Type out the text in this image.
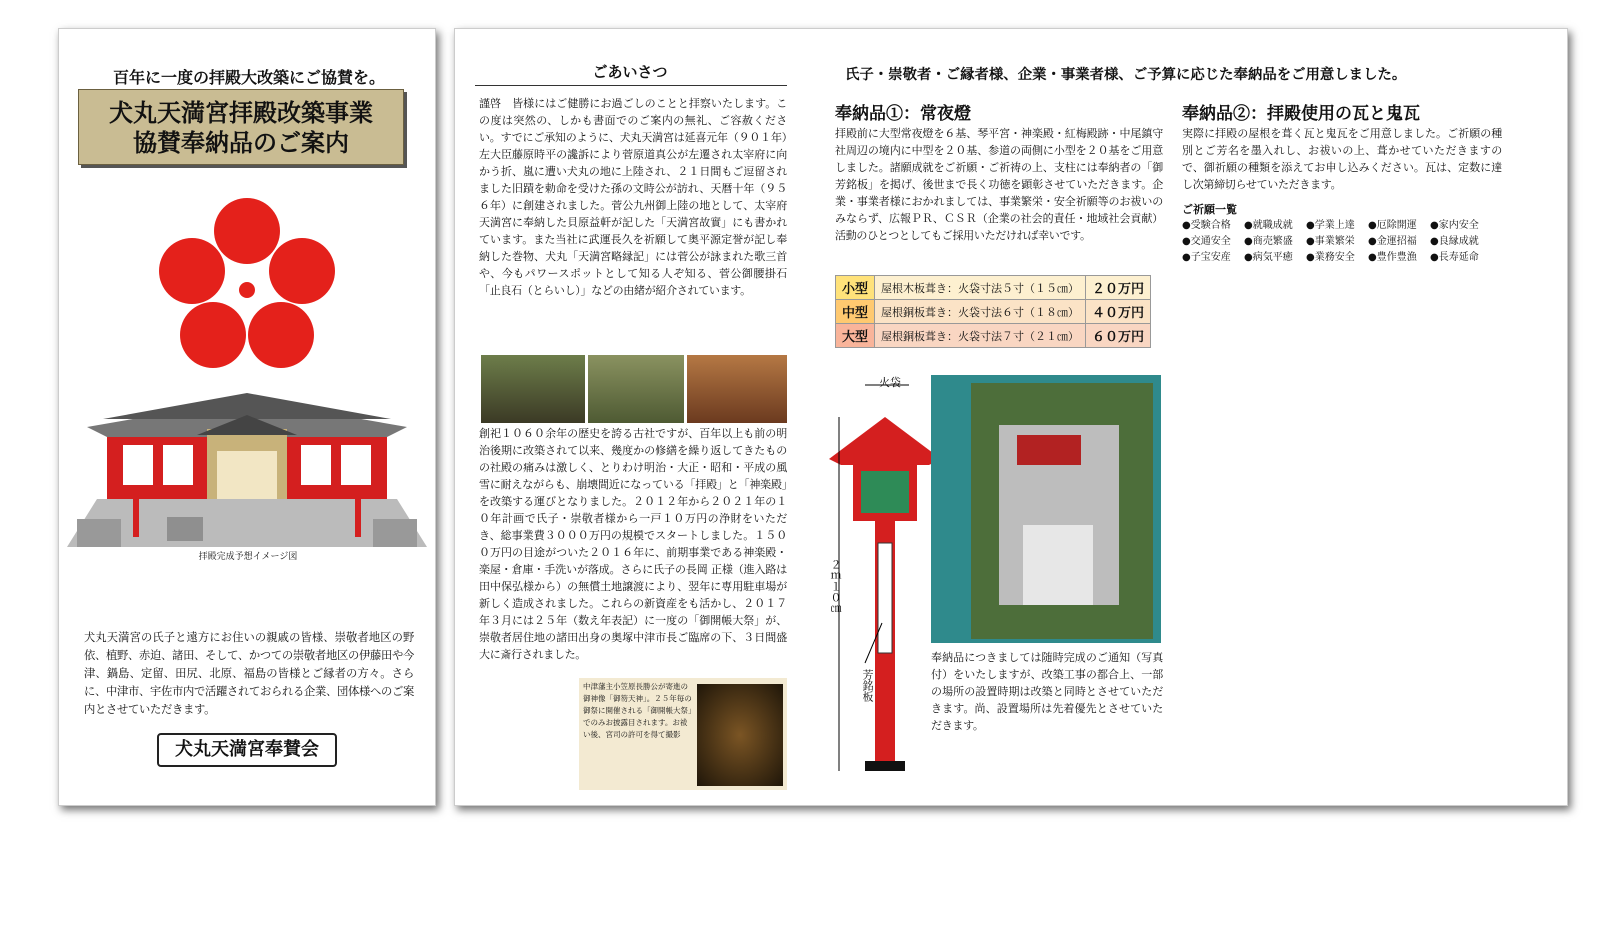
百年に一度の拝殿大改築にご協賛を。
犬丸天満宮拝殿改築事業
協賛奉納品のご案内
拝殿完成予想イメージ図
犬丸天満宮の氏子と遠方にお住いの親戚の皆様、崇敬者地区の野依、植野、赤迫、諸田、そして、かつての崇敬者地区の伊藤田や今津、鍋島、定留、田尻、北原、福島の皆様とご縁者の方々。さらに、中津市、宇佐市内で活躍されておられる企業、団体様へのご案内とさせていただきます。
犬丸天満宮奉賛会
ごあいさつ
謹啓　皆様にはご健勝にお過ごしのことと拝察いたします。この度は突然の、しかも書面でのご案内の無礼、ご容赦ください。すでにご承知のように、犬丸天満宮は延喜元年（９０１年）左大臣藤原時平の讒訴により菅原道真公が左遷され太宰府に向かう折、嵐に遭い犬丸の地に上陸され、２１日間もご逗留されました旧蹟を勅命を受けた孫の文時公が訪れ、天暦十年（９５６年）に創建されました。菅公九州御上陸の地として、太宰府天満宮に奉納した貝原益軒が記した「天満宮故實」にも書かれています。また当社に武運長久を祈願して奥平源定誉が記し奉納した巻物、犬丸「天満宮略縁記」には菅公が詠まれた歌三首や、今もパワースポットとして知る人ぞ知る、菅公御腰掛石「止良石（とらいし）」などの由緒が紹介されています。
創祀１０６０余年の歴史を誇る古社ですが、百年以上も前の明治後期に改築されて以来、幾度かの修繕を繰り返してきたものの社殿の痛みは激しく、とりわけ明治・大正・昭和・平成の風雪に耐えながらも、崩壊間近になっている「拝殿」と「神楽殿」を改築する運びとなりました。２０１２年から２０２１年の１０年計画で氏子・崇敬者様から一戸１０万円の浄財をいただき、総事業費３０００万円の規模でスタートしました。１５００万円の目途がついた２０１６年に、前期事業である神楽殿・楽屋・倉庫・手洗いが落成。さらに氏子の長岡 正様（進入路は田中保弘様から）の無償土地譲渡により、翌年に専用駐車場が新しく造成されました。これらの新資産をも活かし、２０１７年３月には２５年（数え年表記）に一度の「御開帳大祭」が、崇敬者居住地の諸田出身の奥塚中津市長ご臨席の下、３日間盛大に斎行されました。
中津藩主小笠原長勝公が寄進の御神像「御笏天神」。２５年毎の御祭に開催される「御開帳大祭」でのみお披露目されます。お祓い後、宮司の許可を得て撮影
氏子・崇敬者・ご縁者様、企業・事業者様、ご予算に応じた奉納品をご用意しました。
奉納品①：常夜燈
拝殿前に大型常夜燈を６基、琴平宮・神楽殿・紅梅殿跡・中尾鎮守社周辺の境内に中型を２０基、参道の両側に小型を２０基をご用意しました。諸願成就をご祈願・ご祈祷の上、支柱には奉納者の「御芳銘板」を掲げ、後世まで長く功徳を顕彰させていただきます。企業・事業者様におかれましては、事業繁栄・安全祈願等のお祓いのみならず、広報ＰＲ、ＣＳＲ（企業の社会的責任・地域社会貢献）活動のひとつとしてもご採用いただければ幸いです。
小型	屋根木板葺き：火袋寸法５寸（１５㎝）	２０万円
中型	屋根銅板葺き：火袋寸法６寸（１８㎝）	４０万円
大型	屋根銅板葺き：火袋寸法７寸（２１㎝）	６０万円
火袋
２ｍ１０㎝
芳銘板
奉納品につきましては随時完成のご通知（写真付）をいたしますが、改築工事の都合上、一部の場所の設置時期は改築と同時とさせていただきます。尚、設置場所は先着優先とさせていただきます。
奉納品②：拝殿使用の瓦と鬼瓦
実際に拝殿の屋根を葺く瓦と鬼瓦をご用意しました。ご祈願の種別とご芳名を墨入れし、お祓いの上、葺かせていただきますので、御祈願の種類を添えてお申し込みください。瓦は、定数に達し次第締切らせていただきます。
ご祈願一覧
●受験合格	●就職成就	●学業上達	●厄除開運	●家内安全
●交通安全	●商売繁盛	●事業繁栄	●金運招福	●良縁成就
●子宝安産	●病気平癒	●業務安全	●豊作豊漁	●長寿延命
